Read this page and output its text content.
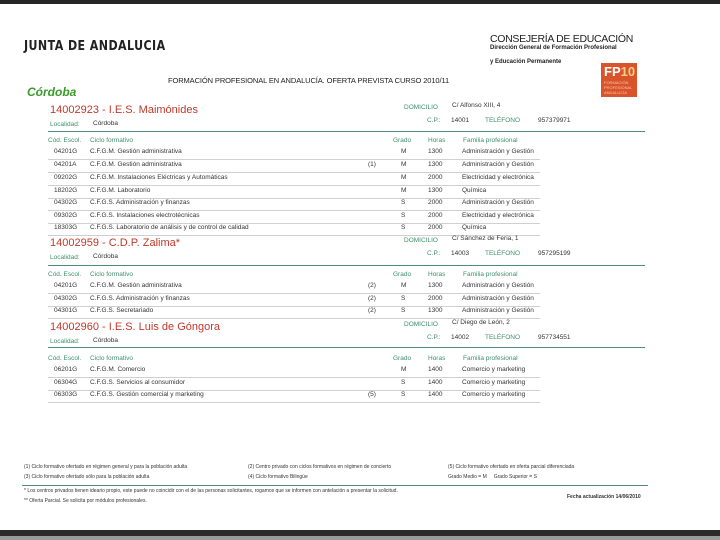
JUNTA DE ANDALUCIA	CONSEJERÍA DE EDUCACIÓN
Dirección General de Formación Profesional
y Educación Permanente
FP10
FORMACIÓN PROFESIONAL ANDALUCÍA
FORMACIÓN PROFESIONAL EN ANDALUCÍA. OFERTA PREVISTA CURSO 2010/11
Córdoba
14002923 - I.E.S. Maimónides	DOMICILIO C/ Alfonso XIII, 4
C.P.: 14001 TELÉFONO	957379971
Localidad: Córdoba
Cód. Escol. Ciclo formativo	Grado	Horas	Familia profesional
04201G C.F.G.M. Gestión administrativa	M	1300	Administración y Gestión
04201A C.F.G.M. Gestión administrativa	(1)	M	1300	Administración y Gestión
09202G C.F.G.M. Instalaciones Eléctricas y Automáticas	M	2000	Electricidad y electrónica
18202G C.F.G.M. Laboratorio	M	1300	Química
04302G C.F.G.S. Administración y finanzas	S	2000	Administración y Gestión
09302G C.F.G.S. Instalaciones electrotécnicas	S	2000	Electricidad y electrónica
18303G C.F.G.S. Laboratorio de análisis y de control de calidad	S	2000	Química
14002959 - C.D.P. Zalima*	DOMICILIO C/ Sánchez de Feria, 1
C.P.: 14003 TELÉFONO	957295199
Localidad: Córdoba
Cód. Escol. Ciclo formativo	Grado	Horas	Familia profesional
04201G C.F.G.M. Gestión administrativa	(2)	M	1300	Administración y Gestión
04302G C.F.G.S. Administración y finanzas	(2)	S	2000	Administración y Gestión
04301G C.F.G.S. Secretariado	(2)	S	1300	Administración y Gestión
14002960 - I.E.S. Luis de Góngora	DOMICILIO C/ Diego de León, 2
C.P.: 14002 TELÉFONO	957734551
Localidad: Córdoba
Cód. Escol. Ciclo formativo	Grado	Horas	Familia profesional
06201G C.F.G.M. Comercio	M	1400	Comercio y marketing
06304G C.F.G.S. Servicios al consumidor	S	1400	Comercio y marketing
06303G C.F.G.S. Gestión comercial y marketing	(5)	S	1400	Comercio y marketing
(1) Ciclo formativo ofertado en régimen general y para la población adulta
(3) Ciclo formativo ofertado sólo para la población adulta
(2) Centro privado con ciclos formativos en régimen de concierto
(4) Ciclo formativo Bilingüe
(5) Ciclo formativo ofertado en oferta parcial diferenciada
Grado Medio = M     Grado Superior = S
* Los centros privados tienen ideario propio, este puede no coincidir con el de las personas solicitantes, rogamos que se informen con antelación a presentar la solicitud.
** Oferta Parcial. Se solicita por módulos profesionales.
Fecha actualización 14/06/2010
